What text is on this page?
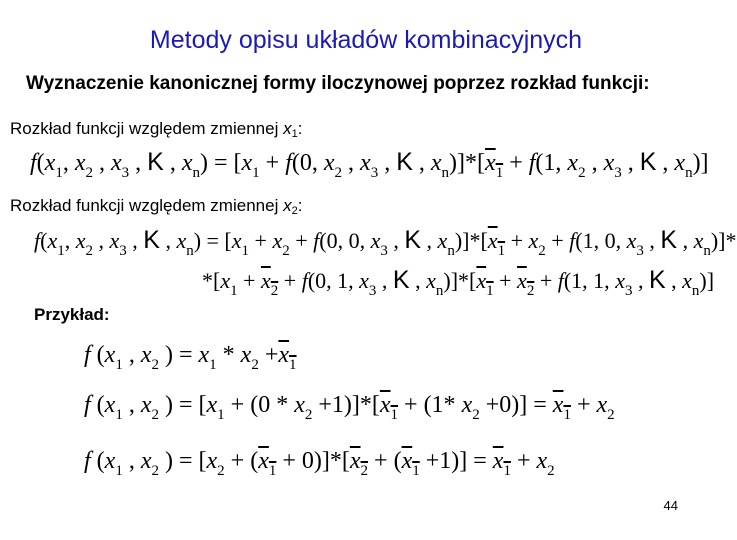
Metody opisu układów kombinacyjnych
Wyznaczenie kanonicznej formy iloczynowej poprzez rozkład funkcji:
Rozkład funkcji względem zmiennej $x_1$:
$f(x_1$, $x_2$ , $x_3$ , K , $x_n) = [x_1 + f(0$, $x_2$ , $x_3$ , K , $x_n)]*[x_1 + f(1$, $x_2$ , $x_3$ , K , $x_n$)]
Rozkład funkcji względem zmiennej $x_2$:
$f(x_1$, $x_2$ , $x_3$ , K , $x_n) = [x_1 + x_2 + f(0$, 0, $x_3$ , K , $x_n)]*[x_1 + x_2 + f(1$, 0, $x_3$ , K , $x_n)]*$
$*[x_1 + x_2 + f(0$, 1, $x_3$ , K , $x_n)]*[x_1 + x_2 + f(1$, 1, $x_3$ , K , $x_n$)]
Przykład:
f ($x_1$ , $x_2$ ) = $x_1 * x_2 +x_1$
f ($x_1$ , $x_2$ ) = $[x_1 + (0 * x_2 +1)]*[x_1 + (1*$ $x_2 +0)] = x_1 + x_2$
f ($x_1$ , $x_2$ ) = $[x_2 + (x_1 + 0)]*[x_2 + (x_1 +1)] = x_1 + x_2$
44
